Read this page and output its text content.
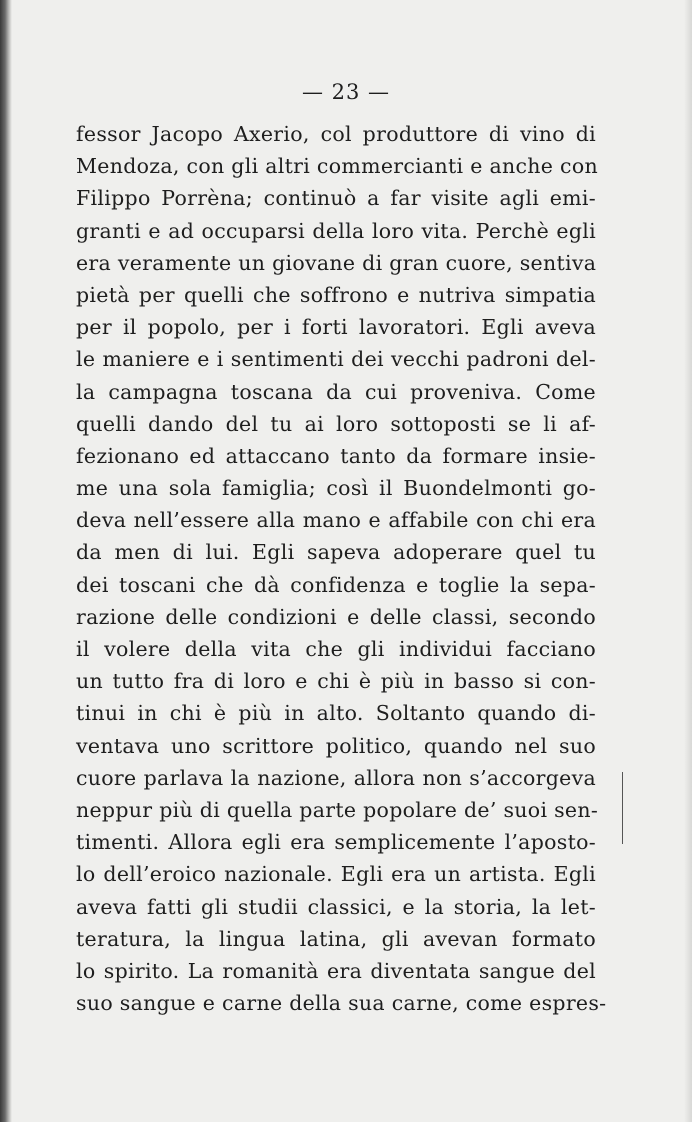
— 23 —
fessor Jacopo Axerio, col produttore di vino di
Mendoza, con gli altri commercianti e anche con
Filippo Porrèna; continuò a far visite agli emi-
granti e ad occuparsi della loro vita. Perchè egli
era veramente un giovane di gran cuore, sentiva
pietà per quelli che soffrono e nutriva simpatia
per il popolo, per i forti lavoratori. Egli aveva
le maniere e i sentimenti dei vecchi padroni del-
la campagna toscana da cui proveniva. Come
quelli dando del tu ai loro sottoposti se li af-
fezionano ed attaccano tanto da formare insie-
me una sola famiglia; così il Buondelmonti go-
deva nell’essere alla mano e affabile con chi era
da men di lui. Egli sapeva adoperare quel tu
dei toscani che dà confidenza e toglie la sepa-
razione delle condizioni e delle classi, secondo
il volere della vita che gli individui facciano
un tutto fra di loro e chi è più in basso si con-
tinui in chi è più in alto. Soltanto quando di-
ventava uno scrittore politico, quando nel suo
cuore parlava la nazione, allora non s’accorgeva
neppur più di quella parte popolare de’ suoi sen-
timenti. Allora egli era semplicemente l’aposto-
lo dell’eroico nazionale. Egli era un artista. Egli
aveva fatti gli studii classici, e la storia, la let-
teratura, la lingua latina, gli avevan formato
lo spirito. La romanità era diventata sangue del
suo sangue e carne della sua carne, come espres-
